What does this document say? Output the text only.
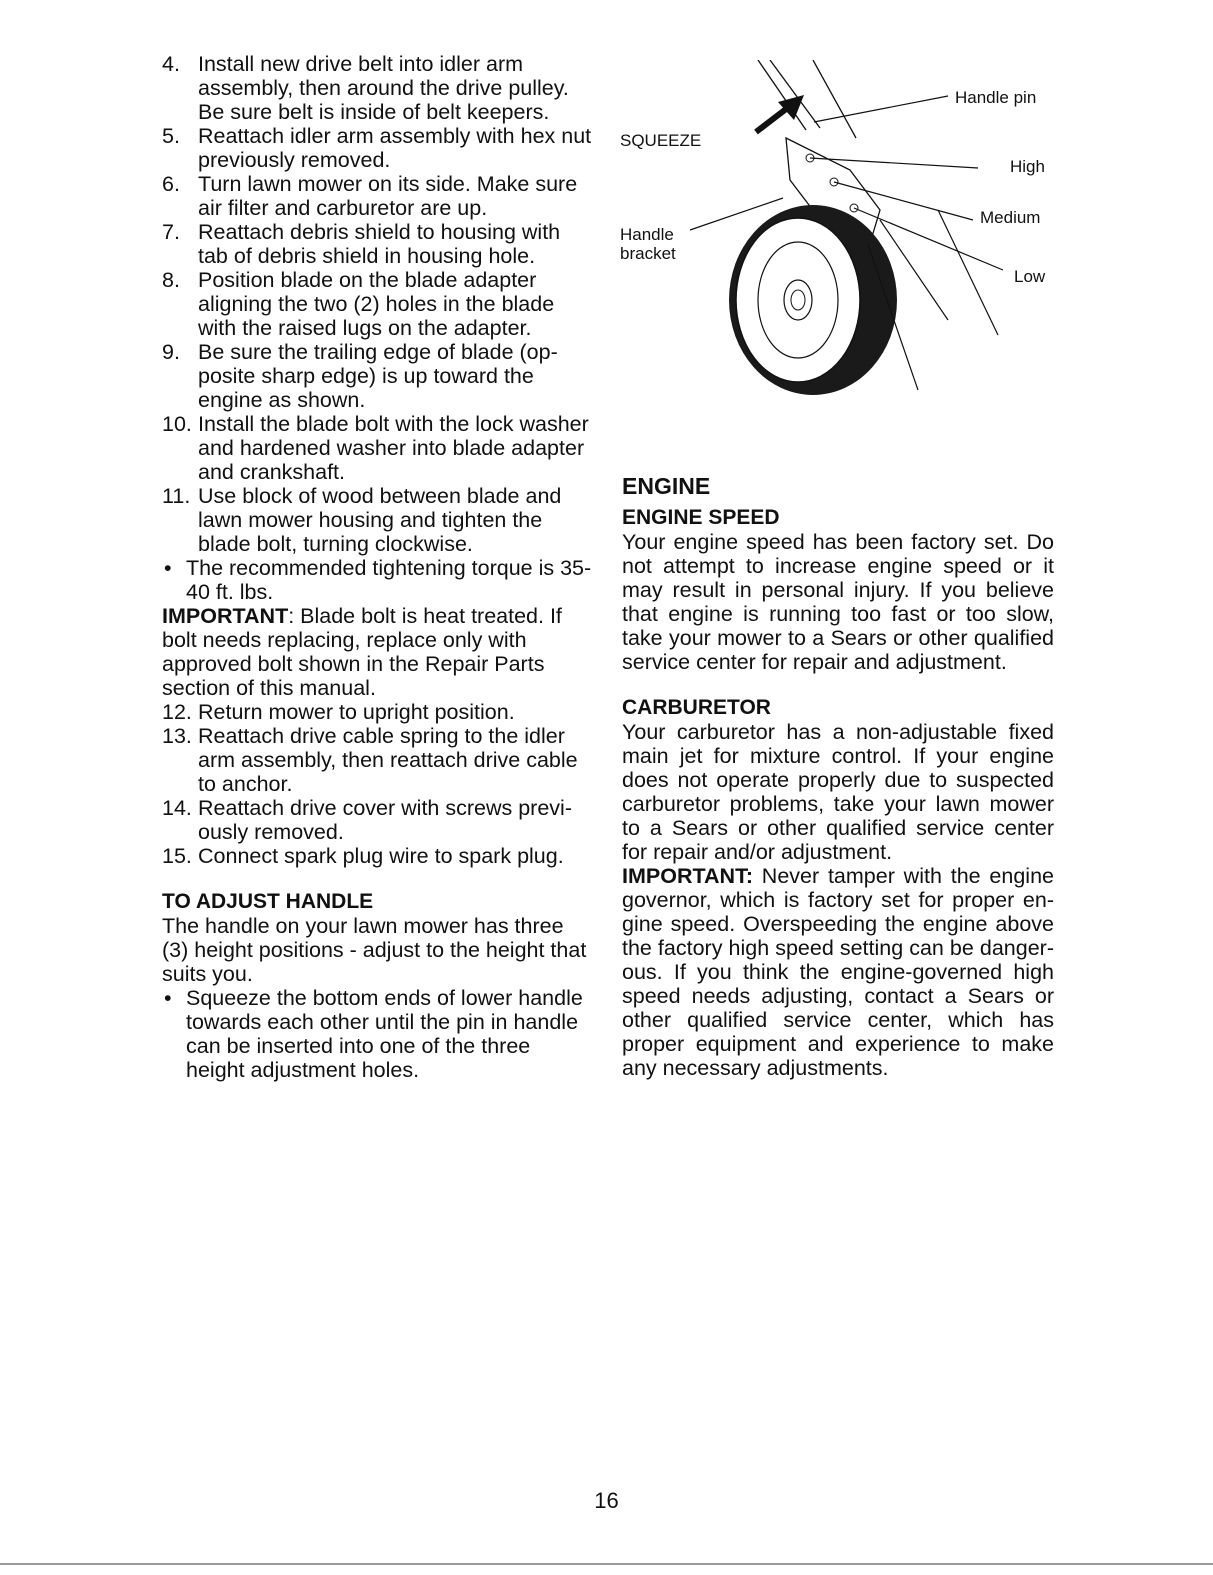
4. Install new drive belt into idler arm assembly, then around the drive pulley. Be sure belt is inside of belt keepers.
5. Reattach idler arm assembly with hex nut previously removed.
6. Turn lawn mower on its side. Make sure air filter and carburetor are up.
7. Reattach debris shield to housing with tab of debris shield in housing hole.
8. Position blade on the blade adapter aligning the two (2) holes in the blade with the raised lugs on the adapter.
9. Be sure the trailing edge of blade (op- posite sharp edge) is up toward the engine as shown.
10. Install the blade bolt with the lock washer and hardened washer into blade adapter and crankshaft.
11. Use block of wood between blade and lawn mower housing and tighten the blade bolt, turning clockwise.
• The recommended tightening torque is 35-40 ft. lbs.

IMPORTANT: Blade bolt is heat treated. If bolt needs replacing, replace only with approved bolt shown in the Repair Parts section of this manual.

12. Return mower to upright position.
13. Reattach drive cable spring to the idler arm assembly, then reattach drive cable to anchor.
14. Reattach drive cover with screws previ- ously removed.
15. Connect spark plug wire to spark plug.

TO ADJUST HANDLE

The handle on your lawn mower has three (3) height positions - adjust to the height that suits you.

• Squeeze the bottom ends of lower handle towards each other until the pin in handle can be inserted into one of the three height adjustment holes.
SQUEEZE
Handle pin
High
Medium
Low
Handle
bracket

ENGINE

ENGINE SPEED

Your engine speed has been factory set. Do not attempt to increase engine speed or it may result in personal injury. If you believe that engine is running too fast or too slow, take your mower to a Sears or other qualified service center for repair and adjustment.

CARBURETOR

Your carburetor has a non-adjustable fixed main jet for mixture control. If your engine does not operate properly due to suspected carburetor problems, take your lawn mower to a Sears or other qualified service center for repair and/or adjustment.

IMPORTANT: Never tamper with the engine governor, which is factory set for proper en- gine speed. Overspeeding the engine above the factory high speed setting can be danger- ous. If you think the engine-governed high speed needs adjusting, contact a Sears or other qualified service center, which has proper equipment and experience to make any necessary adjustments.

16
